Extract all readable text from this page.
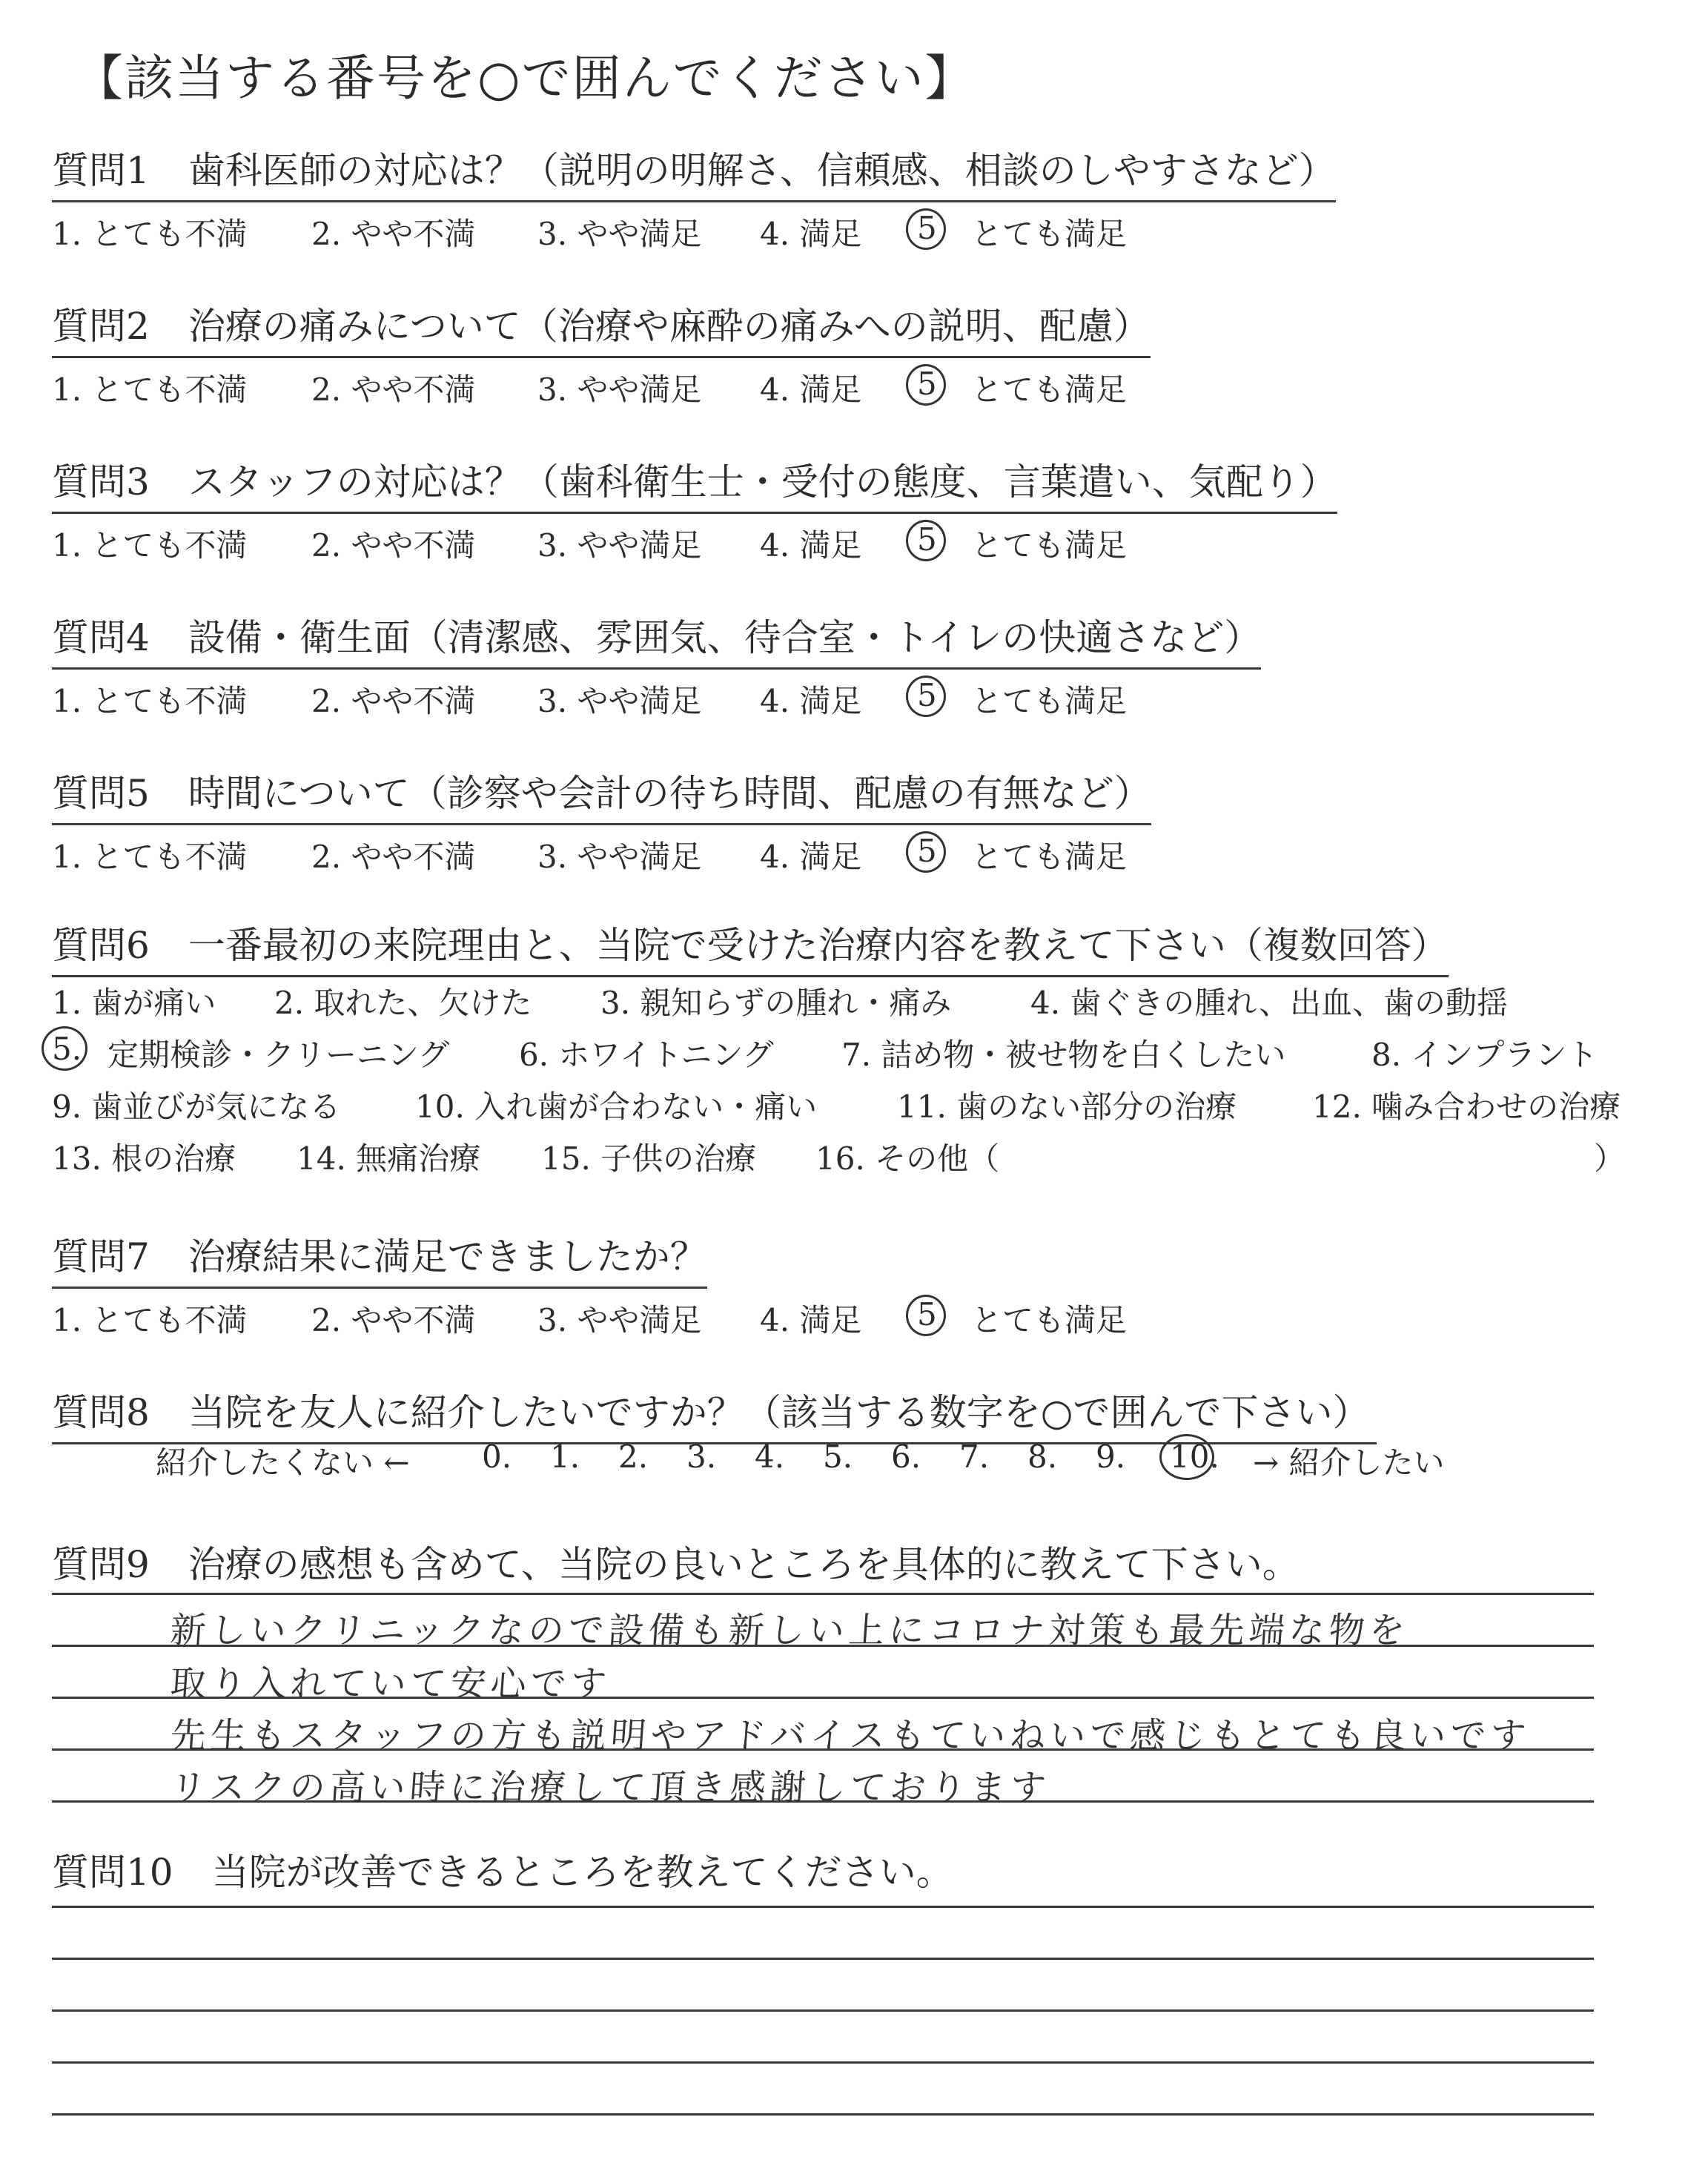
【該当する番号を○で囲んでください】
質問1 歯科医師の対応は？（説明の明解さ、信頼感、相談のしやすさなど）
1. とても不満 2. やや不満 3. やや満足 4. 満足 5 とても満足
質問2 治療の痛みについて（治療や麻酔の痛みへの説明、配慮）
1. とても不満 2. やや不満 3. やや満足 4. 満足 5 とても満足
質問3 スタッフの対応は？（歯科衛生士・受付の態度、言葉遣い、気配り）
1. とても不満 2. やや不満 3. やや満足 4. 満足 5 とても満足
質問4 設備・衛生面（清潔感、雰囲気、待合室・トイレの快適さなど）
1. とても不満 2. やや不満 3. やや満足 4. 満足 5 とても満足
質問5 時間について（診察や会計の待ち時間、配慮の有無など）
1. とても不満 2. やや不満 3. やや満足 4. 満足 5 とても満足
質問6 一番最初の来院理由と、当院で受けた治療内容を教えて下さい（複数回答）
1. 歯が痛い 2. 取れた、欠けた 3. 親知らずの腫れ・痛み	4. 歯ぐきの腫れ、出血、歯の動揺
5. 定期検診・クリーニング 6. ホワイトニング 7. 詰め物・被せ物を白くしたい	8. インプラント
9. 歯並びが気になる 10. 入れ歯が合わない・痛い	11. 歯のない部分の治療 12. 噛み合わせの治療
13. 根の治療 14. 無痛治療 15. 子供の治療 16. その他（	）
質問7 治療結果に満足できましたか？
1. とても不満 2. やや不満 3. やや満足 4. 満足 5 とても満足
質問8 当院を友人に紹介したいですか？（該当する数字を○で囲んで下さい）
紹介したくない ← 0. 1. 2. 3. 4. 5. 6. 7. 8. 9. 10. → 紹介したい
質問9 治療の感想も含めて、当院の良いところを具体的に教えて下さい。
新しいクリニックなので設備も新しい上にコロナ対策も最先端な物を
取り入れていて安心です
先生もスタッフの方も説明やアドバイスもていねいで感じもとても良いです
リスクの高い時に治療して頂き感謝しております
質問10 当院が改善できるところを教えてください。
